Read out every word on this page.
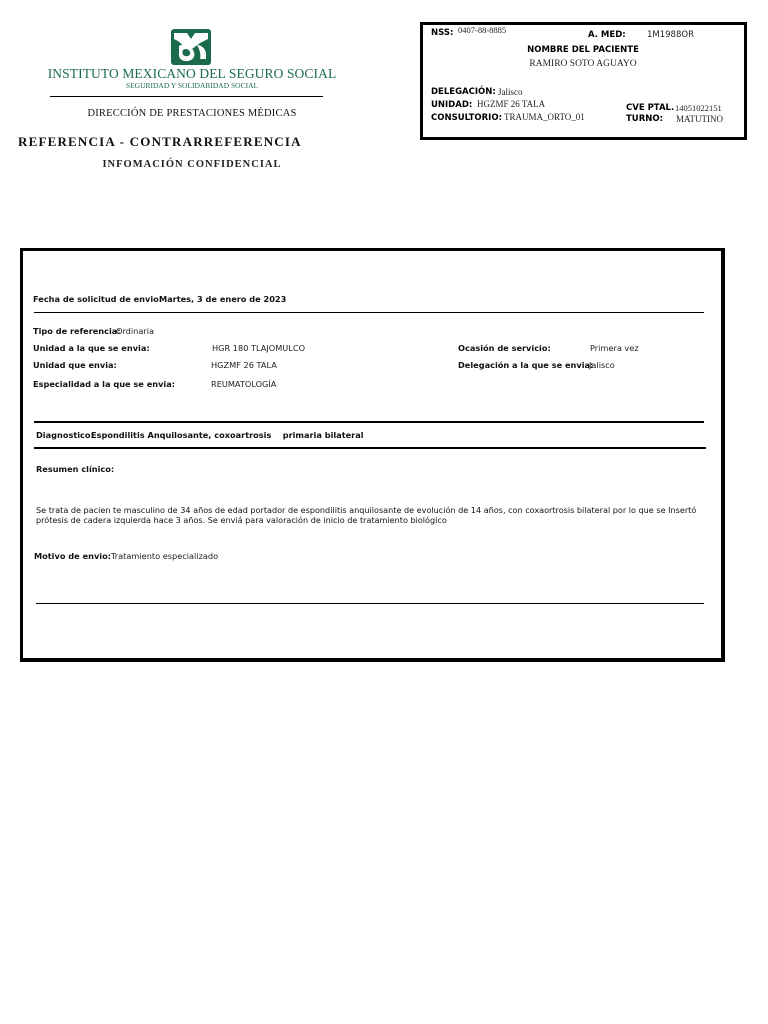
INSTITUTO MEXICANO DEL SEGURO SOCIAL
SEGURIDAD Y SOLIDARIDAD SOCIAL
DIRECCIÓN DE PRESTACIONES MÉDICAS
REFERENCIA - CONTRARREFERENCIA
INFOMACIÓN CONFIDENCIAL
NSS: 0407-88-8885	A. MED:	1M1988OR
NOMBRE DEL PACIENTE
RAMIRO SOTO AGUAYO
DELEGACIÓN: Jalisco
UNIDAD: HGZMF 26 TALA
CONSULTORIO: TRAUMA_ORTO_01
CVE PTAL. 14051022151
TURNO: MATUTINO
Fecha de solicitud de envio:
Martes, 3 de enero de 2023
Tipo de referencia:
Ordinaria
Unidad a la que se envia:	HGR 180 TLAJOMULCO	Ocasión de servicio:	Primera vez
Unidad que envia:	HGZMF 26 TALA	Delegación a la que se envia:
Jalisco
Especialidad a la que se envia:	REUMATOLOGÍA
Diagnostico:
Espondilitis Anquilosante, coxoartrosis    primaria bilateral
Resumen clínico:
Se trata de pacien te masculino de 34 años de edad portador de espondilitis anquilosante de evolución de 14 años, con coxaortrosis bilateral por lo que se Insertó prótesis de cadera izquierda hace 3 años. Se enviá para valoración de inicio de tratamiento biológico
Motivo de envio: Tratamiento especializado
